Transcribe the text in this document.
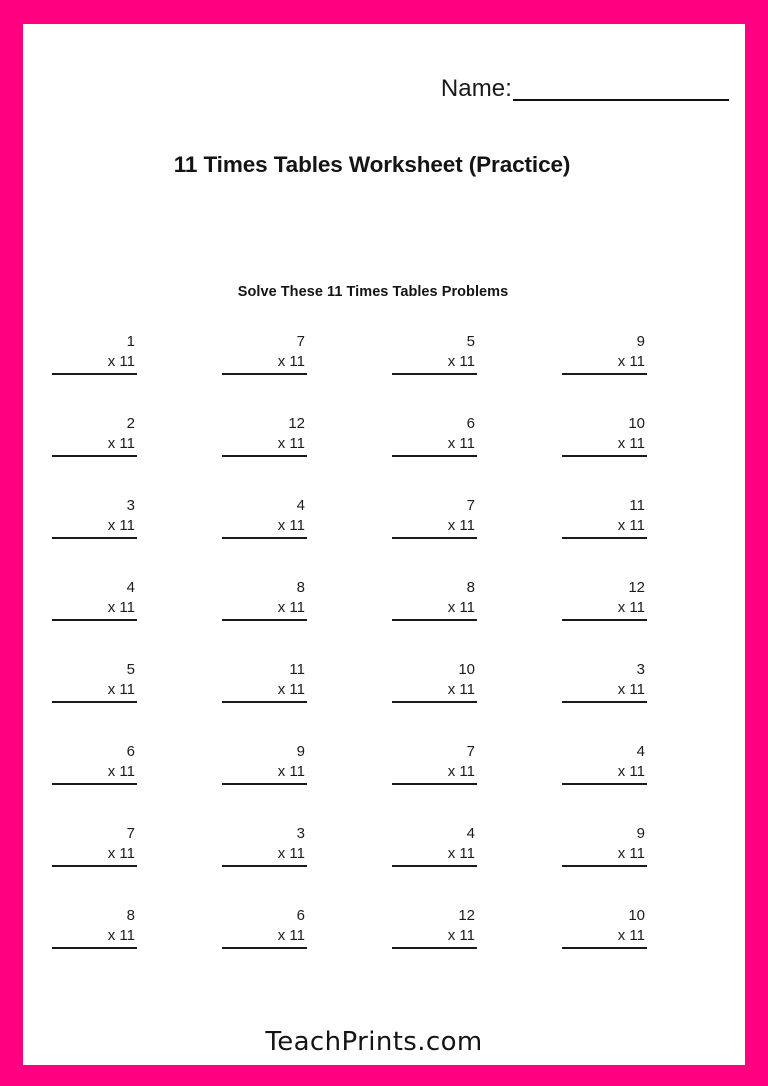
Name:
11 Times Tables Worksheet (Practice)
Solve These 11 Times Tables Problems
1
x 11
7
x 11
5
x 11
9
x 11
2
x 11
12
x 11
6
x 11
10
x 11
3
x 11
4
x 11
7
x 11
11
x 11
4
x 11
8
x 11
8
x 11
12
x 11
5
x 11
11
x 11
10
x 11
3
x 11
6
x 11
9
x 11
7
x 11
4
x 11
7
x 11
3
x 11
4
x 11
9
x 11
8
x 11
6
x 11
12
x 11
10
x 11
TeachPrints.com
